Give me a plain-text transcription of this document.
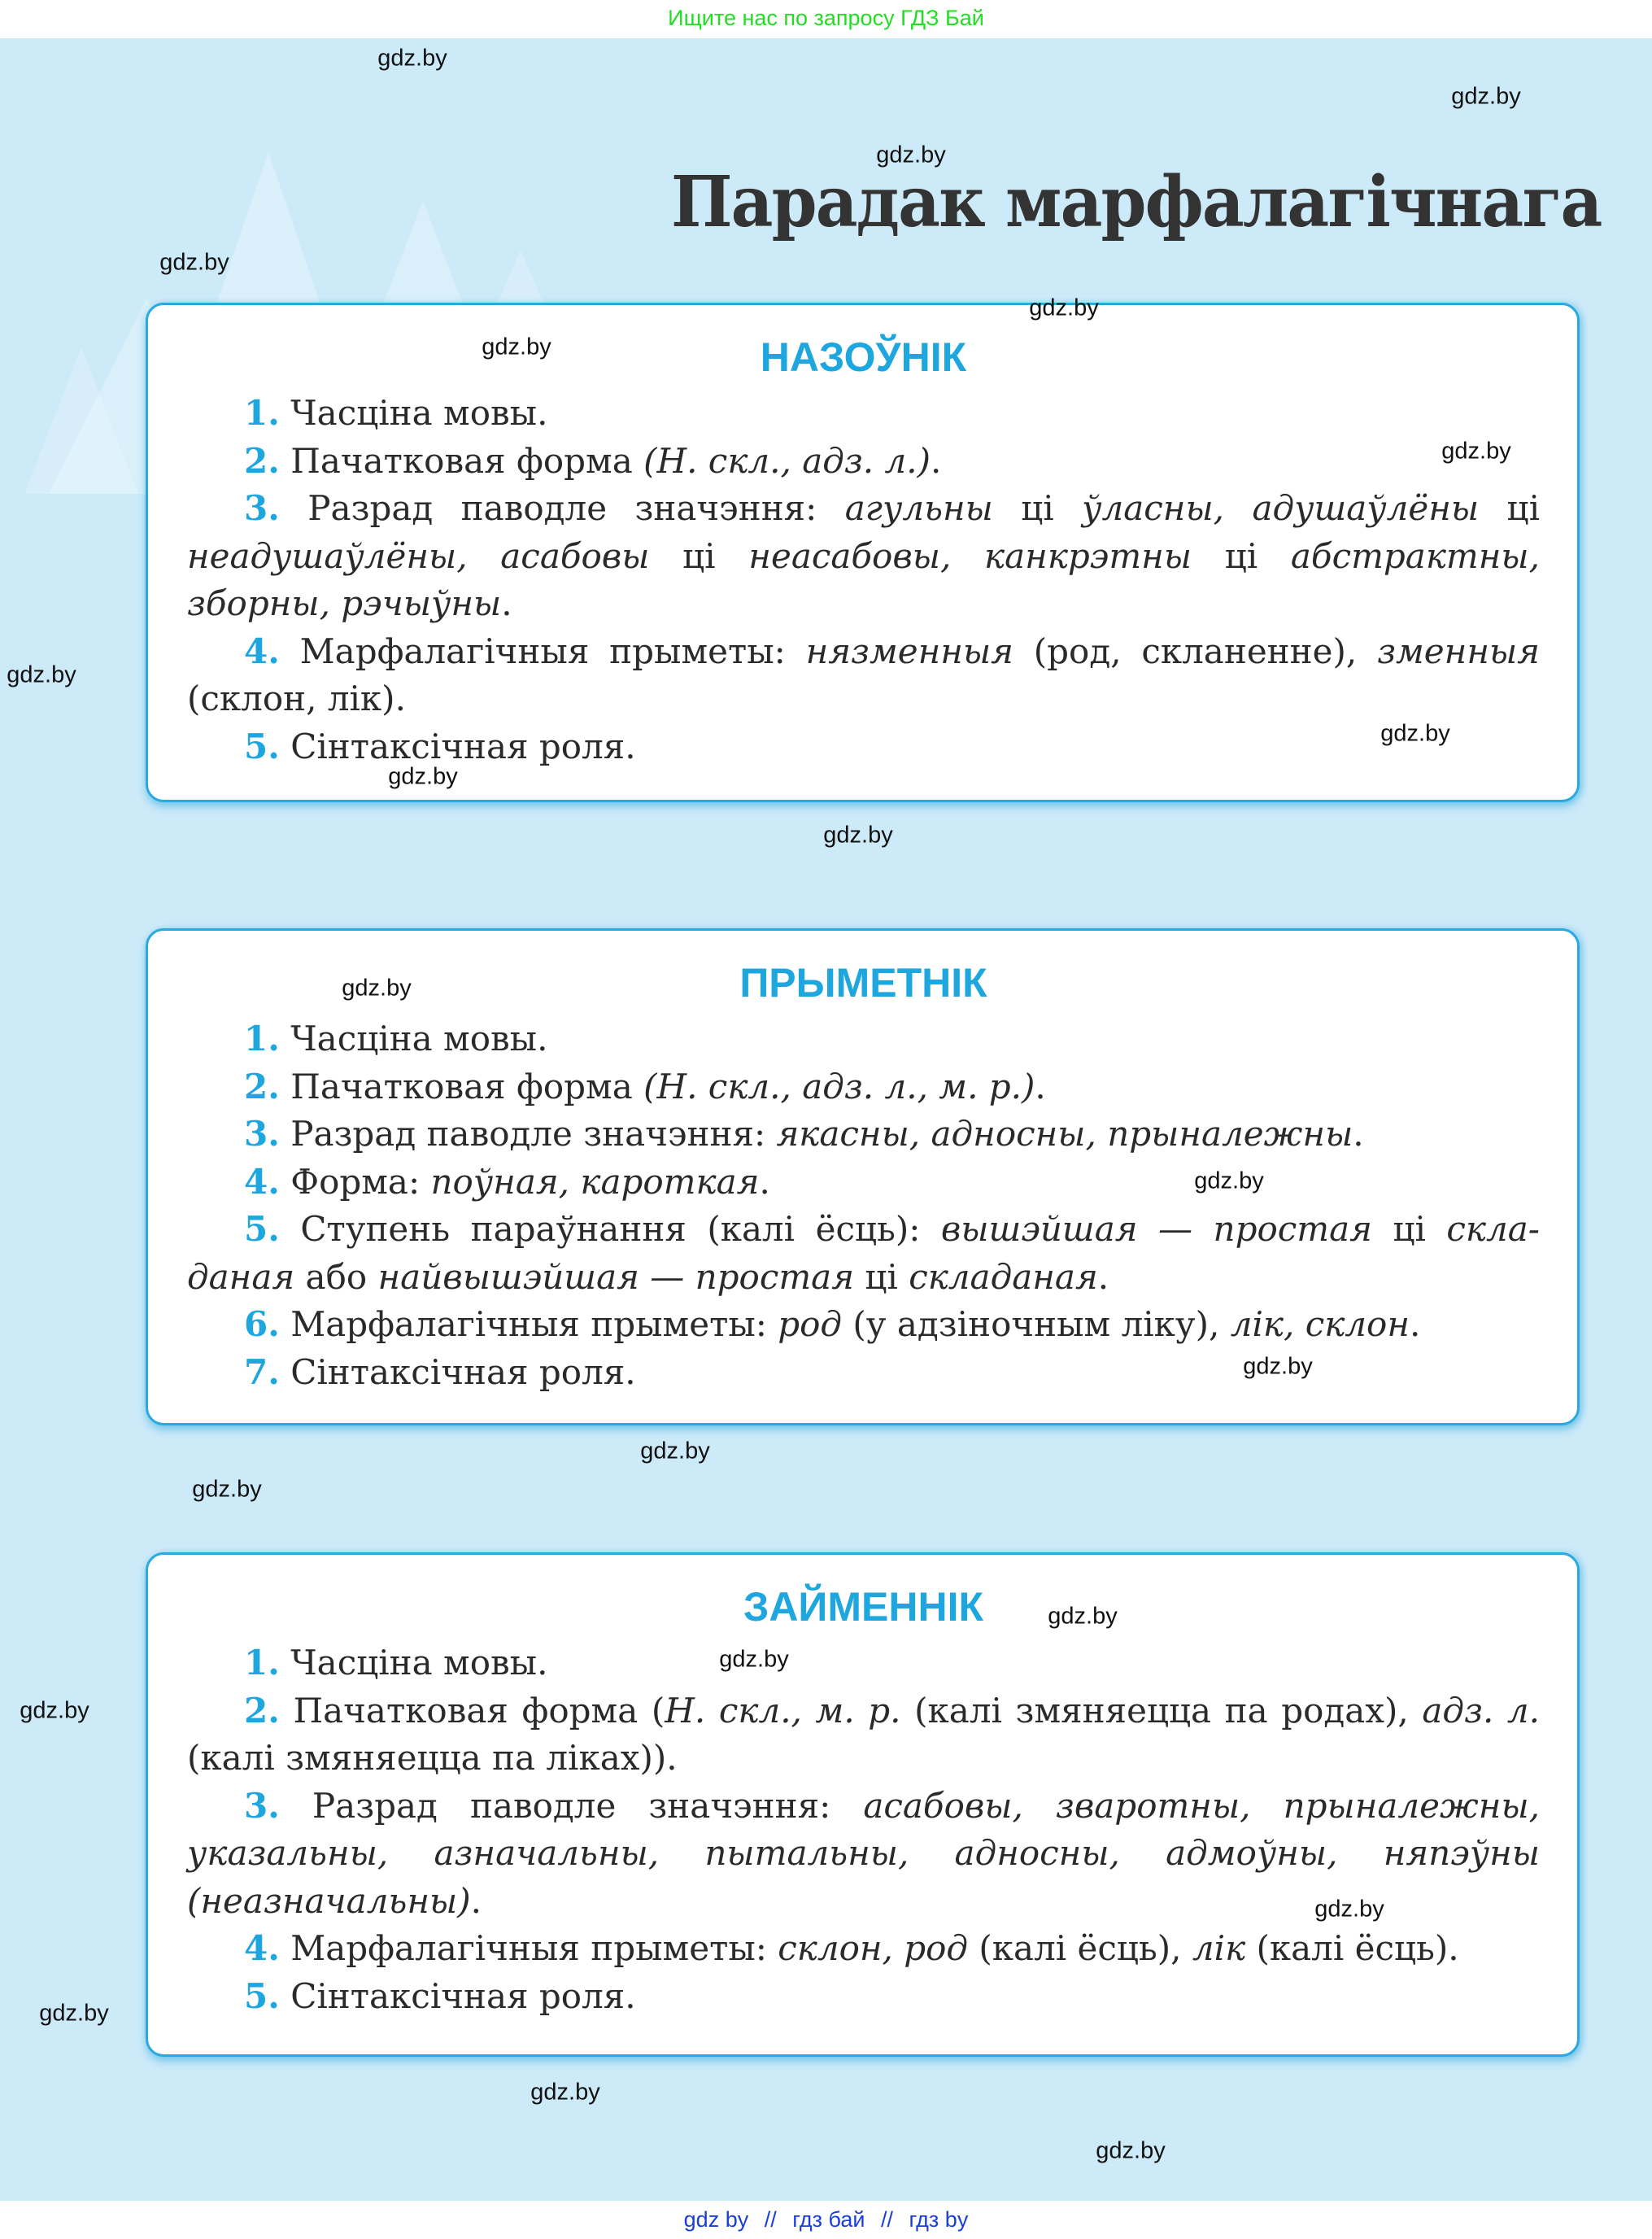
Ищите нас по запросу ГДЗ Бай
Парадак марфалагічнага
НАЗОЎНІК

1. Часціна мовы.

2. Пачатковая форма (Н. скл., адз. л.).

3. Разрад паводле значэння: агульны ці ўласны, адушаўлёны ці неадушаўлёны, асабовы ці неасабовы, канкрэтны ці абстрактны, зборны, рэчыўны.

4. Марфалагічныя прыметы: нязменныя (род, скланенне), зменныя (склон, лік).

5. Сінтаксічная роля.

ПРЫМЕТНІК

1. Часціна мовы.

2. Пачатковая форма (Н. скл., адз. л., м. р.).

3. Разрад паводле значэння: якасны, адносны, прыналежны.

4. Форма: поўная, кароткая.

5. Ступень параўнання (калі ёсць): вышэйшая — простая ці складаная або найвышэйшая — простая ці складаная.

6. Марфалагічныя прыметы: род (у адзіночным ліку), лік, склон.

7. Сінтаксічная роля.

ЗАЙМЕННІК

1. Часціна мовы.

2. Пачатковая форма (Н. скл., м. р. (калі змяняецца па родах), адз. л. (калі змяняецца па ліках)).

3. Разрад паводле значэння: асабовы, зваротны, прыналежны, указальны, азначальны, пытальны, адносны, адмоўны, няпэўны (неазначальны).

4. Марфалагічныя прыметы: склон, род (калі ёсць), лік (калі ёсць).

5. Сінтаксічная роля.

gdz.by
gdz.by
gdz.by
gdz.by
gdz.by
gdz.by
gdz.by
gdz.by
gdz.by
gdz.by
gdz.by
gdz.by
gdz.by
gdz.by
gdz.by
gdz.by
gdz.by
gdz.by
gdz.by
gdz.by
gdz.by
gdz.by
gdz.by
gdz by // гдз бай // гдз by
